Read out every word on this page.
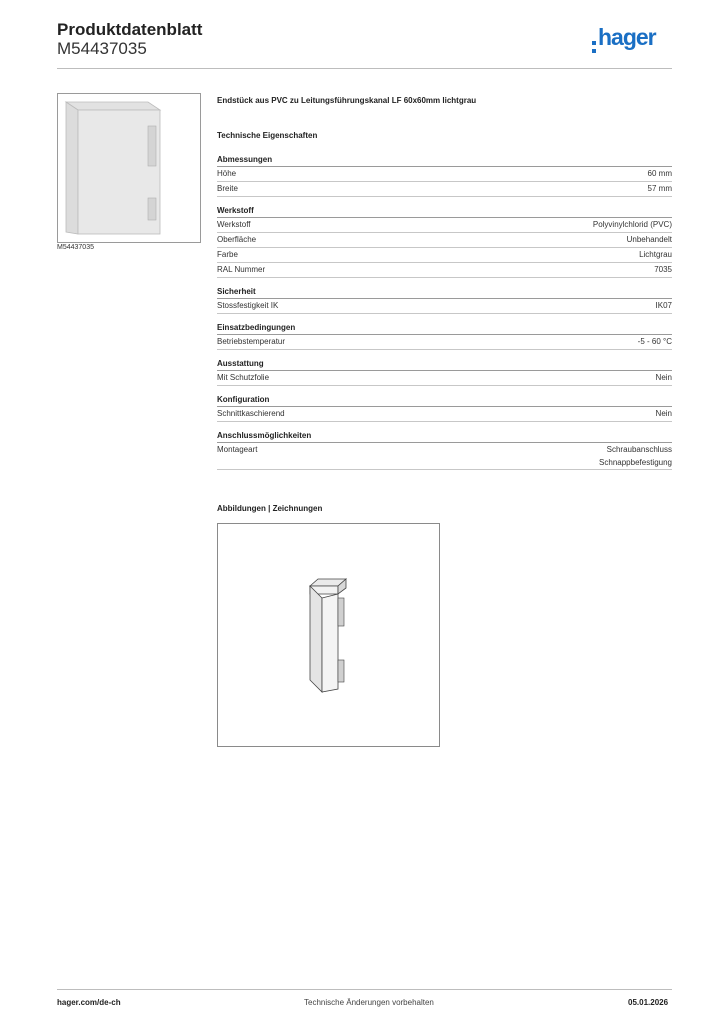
Produktdatenblatt
M54437035	hager
M54437035
Endstück aus PVC zu Leitungsführungskanal LF 60x60mm lichtgrau
Technische Eigenschaften
Abmessungen
Höhe	60 mm
Breite	57 mm
Werkstoff
Werkstoff	Polyvinylchlorid (PVC)
Oberfläche	Unbehandelt
Farbe	Lichtgrau
RAL Nummer	7035
Sicherheit
Stossfestigkeit IK	IK07
Einsatzbedingungen
Betriebstemperatur	-5 - 60 °C
Ausstattung
Mit Schutzfolie	Nein
Konfiguration
Schnittkaschierend	Nein
Anschlussmöglichkeiten
Montageart	Schraubanschluss
Schnappbefestigung
Abbildungen | Zeichnungen
hager.com/de-ch	Technische Änderungen vorbehalten	05.01.2026
